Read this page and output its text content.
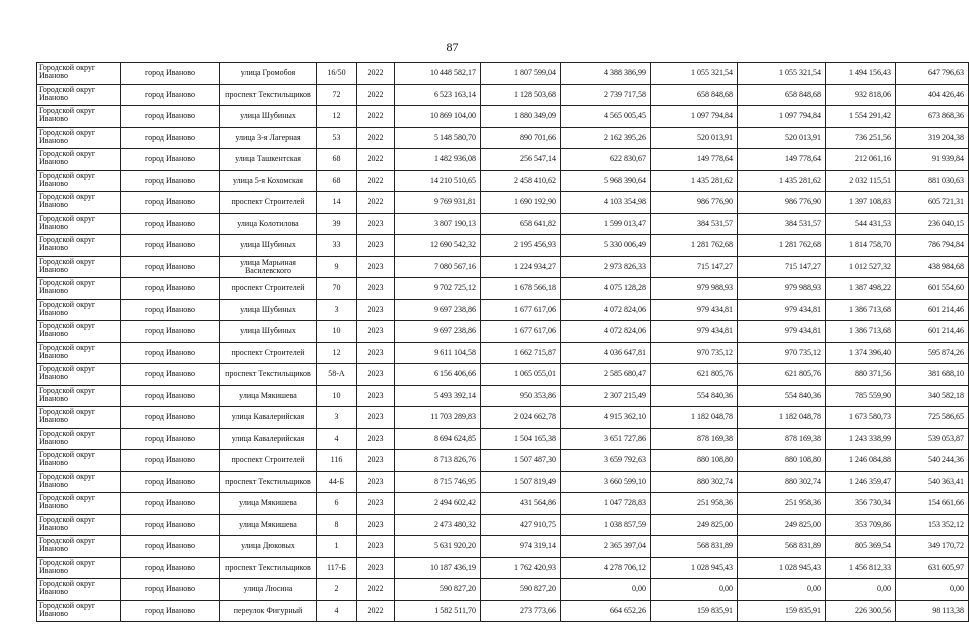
87
Городской округ Иваново	город Иваново	улица Громобоя	16/50	2022	10 448 582,17	1 807 599,04	4 388 386,99	1 055 321,54	1 055 321,54	1 494 156,43	647 796,63
Городской округ Иваново	город Иваново	проспект Текстильщиков	72	2022	6 523 163,14	1 128 503,68	2 739 717,58	658 848,68	658 848,68	932 818,06	404 426,46
Городской округ Иваново	город Иваново	улица Шубиных	12	2022	10 869 104,00	1 880 349,09	4 565 005,45	1 097 794,84	1 097 794,84	1 554 291,42	673 868,36
Городской округ Иваново	город Иваново	улица 3-я Лагерная	53	2022	5 148 580,70	890 701,66	2 162 395,26	520 013,91	520 013,91	736 251,56	319 204,38
Городской округ Иваново	город Иваново	улица Ташкентская	68	2022	1 482 936,08	256 547,14	622 830,67	149 778,64	149 778,64	212 061,16	91 939,84
Городской округ Иваново	город Иваново	улица 5-я Кохомская	68	2022	14 210 510,65	2 458 410,62	5 968 390,64	1 435 281,62	1 435 281,62	2 032 115,51	881 030,63
Городской округ Иваново	город Иваново	проспект Строителей	14	2022	9 769 931,81	1 690 192,90	4 103 354,98	986 776,90	986 776,90	1 397 108,83	605 721,31
Городской округ Иваново	город Иваново	улица Колотилова	39	2023	3 807 190,13	658 641,82	1 599 013,47	384 531,57	384 531,57	544 431,53	236 040,15
Городской округ Иваново	город Иваново	улица Шубиных	33	2023	12 690 542,32	2 195 456,93	5 330 006,49	1 281 762,68	1 281 762,68	1 814 758,70	786 794,84
Городской округ Иваново	город Иваново	улица Марьиная Василевского	9	2023	7 080 567,16	1 224 934,27	2 973 826,33	715 147,27	715 147,27	1 012 527,32	438 984,68
Городской округ Иваново	город Иваново	проспект Строителей	70	2023	9 702 725,12	1 678 566,18	4 075 128,28	979 988,93	979 988,93	1 387 498,22	601 554,60
Городской округ Иваново	город Иваново	улица Шубиных	3	2023	9 697 238,86	1 677 617,06	4 072 824,06	979 434,81	979 434,81	1 386 713,68	601 214,46
Городской округ Иваново	город Иваново	улица Шубиных	10	2023	9 697 238,86	1 677 617,06	4 072 824,06	979 434,81	979 434,81	1 386 713,68	601 214,46
Городской округ Иваново	город Иваново	проспект Строителей	12	2023	9 611 104,58	1 662 715,87	4 036 647,81	970 735,12	970 735,12	1 374 396,40	595 874,26
Городской округ Иваново	город Иваново	проспект Текстильщиков	58-А	2023	6 156 406,66	1 065 055,01	2 585 680,47	621 805,76	621 805,76	880 371,56	381 688,10
Городской округ Иваново	город Иваново	улица Мякишева	10	2023	5 493 392,14	950 353,86	2 307 215,49	554 840,36	554 840,36	785 559,90	340 582,18
Городской округ Иваново	город Иваново	улица Кавалерийская	3	2023	11 703 289,83	2 024 662,78	4 915 362,10	1 182 048,78	1 182 048,78	1 673 580,73	725 586,65
Городской округ Иваново	город Иваново	улица Кавалерийская	4	2023	8 694 624,85	1 504 165,38	3 651 727,86	878 169,38	878 169,38	1 243 338,99	539 053,87
Городской округ Иваново	город Иваново	проспект Строителей	116	2023	8 713 826,76	1 507 487,30	3 659 792,63	880 108,80	880 108,80	1 246 084,88	540 244,36
Городской округ Иваново	город Иваново	проспект Текстильщиков	44-Б	2023	8 715 746,95	1 507 819,49	3 660 599,10	880 302,74	880 302,74	1 246 359,47	540 363,41
Городской округ Иваново	город Иваново	улица Мякишева	6	2023	2 494 602,42	431 564,86	1 047 728,83	251 958,36	251 958,36	356 730,34	154 661,66
Городской округ Иваново	город Иваново	улица Мякишева	8	2023	2 473 480,32	427 910,75	1 038 857,59	249 825,00	249 825,00	353 709,86	153 352,12
Городской округ Иваново	город Иваново	улица Дюковых	1	2023	5 631 920,20	974 319,14	2 365 397,04	568 831,89	568 831,89	805 369,54	349 170,72
Городской округ Иваново	город Иваново	проспект Текстильщиков	117-Б	2023	10 187 436,19	1 762 420,93	4 278 706,12	1 028 945,43	1 028 945,43	1 456 812,33	631 605,97
Городской округ Иваново	город Иваново	улица Люсина	2	2022	590 827,20	590 827,20	0,00	0,00	0,00	0,00	0,00
Городской округ Иваново	город Иваново	переулок Фигурный	4	2022	1 582 511,70	273 773,66	664 652,26	159 835,91	159 835,91	226 300,56	98 113,38
